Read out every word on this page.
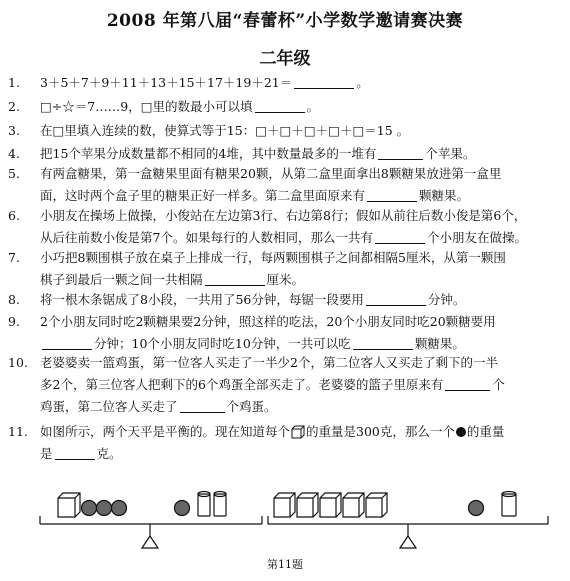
2008 年第八届“春蕾杯”小学数学邀请赛决赛
二年级
1.	3＋5＋7＋9＋11＋13＋15＋17＋19＋21＝	。
2.	□÷☆＝7……9，□里的数最小可以填	。
3.	在□里填入连续的数，使算式等于15：□＋□＋□＋□＋□＝15 。
4.	把15个苹果分成数量都不相同的4堆，其中数量最多的一堆有	个苹果。
5.	有两盒糖果，第一盒糖果里面有糖果20颗，从第二盒里面拿出8颗糖果放进第一盒里
面，这时两个盒子里的糖果正好一样多。第二盒里面原来有	颗糖果。
6.	小朋友在操场上做操，小俊站在左边第3行、右边第8行；假如从前往后数小俊是第6个，
从后往前数小俊是第7个。如果每行的人数相同，那么一共有	个小朋友在做操。
7.	小巧把8颗围棋子放在桌子上排成一行，每两颗围棋子之间都相隔5厘米，从第一颗围
棋子到最后一颗之间一共相隔	厘米。
8.	将一根木条锯成了8小段，一共用了56分钟，每锯一段要用	分钟。
9.	2个小朋友同时吃2颗糖果要2分钟，照这样的吃法，20个小朋友同时吃20颗糖要用
分钟；10个小朋友同时吃10分钟，一共可以吃	颗糖果。
10. 老婆婆卖一篮鸡蛋，第一位客人买走了一半少2个，第二位客人又买走了剩下的一半
多2个，第三位客人把剩下的6个鸡蛋全部买走了。老婆婆的篮子里原来有	个
鸡蛋，第二位客人买走了	个鸡蛋。
11. 如图所示，两个天平是平衡的。现在知道每个 的重量是300克，那么一个 的重量
是	克。
第11题
